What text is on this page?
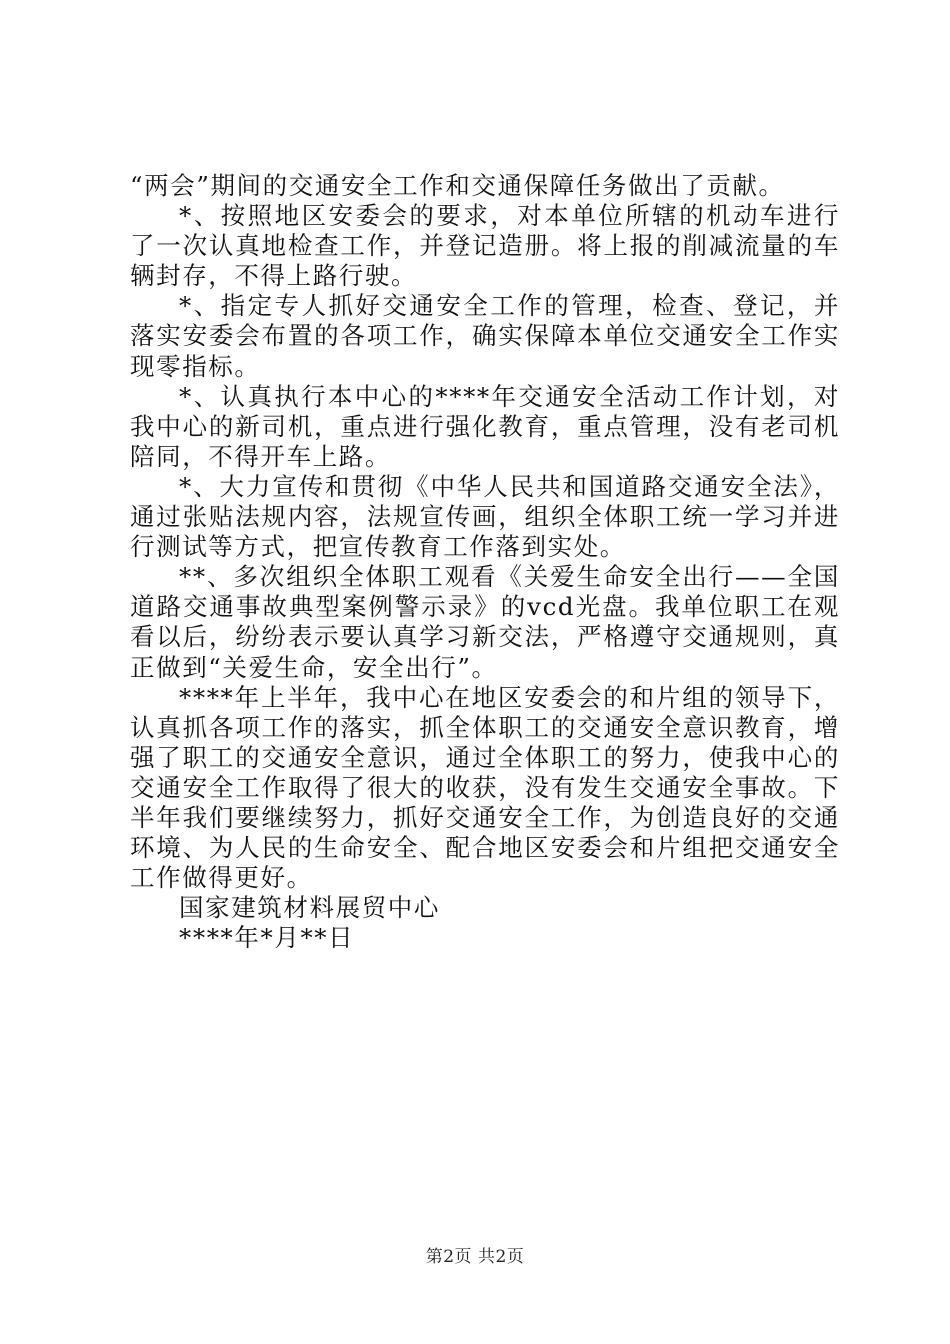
“两会”期间的交通安全工作和交通保障任务做出了贡献。

*、按照地区安委会的要求，对本单位所辖的机动车进行了一次认真地检查工作，并登记造册。将上报的削减流量的车辆封存，不得上路行驶。

*、指定专人抓好交通安全工作的管理，检查、登记，并落实安委会布置的各项工作，确实保障本单位交通安全工作实现零指标。

*、认真执行本中心的****年交通安全活动工作计划，对我中心的新司机，重点进行强化教育，重点管理，没有老司机陪同，不得开车上路。

*、大力宣传和贯彻《中华人民共和国道路交通安全法》，通过张贴法规内容，法规宣传画，组织全体职工统一学习并进行测试等方式，把宣传教育工作落到实处。

**、多次组织全体职工观看《关爱生命安全出行——全国道路交通事故典型案例警示录》的vcd光盘。我单位职工在观看以后，纷纷表示要认真学习新交法，严格遵守交通规则，真正做到“关爱生命，安全出行”。

****年上半年，我中心在地区安委会的和片组的领导下，认真抓各项工作的落实，抓全体职工的交通安全意识教育，增强了职工的交通安全意识，通过全体职工的努力，使我中心的交通安全工作取得了很大的收获，没有发生交通安全事故。下半年我们要继续努力，抓好交通安全工作，为创造良好的交通环境、为人民的生命安全、配合地区安委会和片组把交通安全工作做得更好。

国家建筑材料展贸中心

****年*月**日

第2页 共2页
